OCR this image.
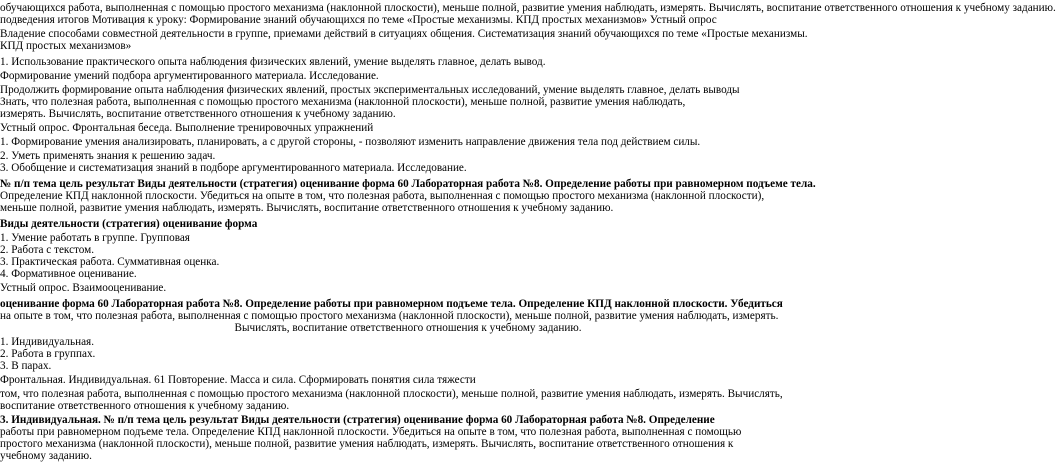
обучающихся работа, выполненная с помощью простого механизма (наклонной плоскости), меньше полной, развитие умения наблюдать, измерять. Вычислять, воспитание ответственного отношения к учебному заданию.
подведения итогов Мотивация к уроку: Формирование знаний обучающихся по теме «Простые механизмы. КПД простых механизмов» Устный опрос
Владение способами совместной деятельности в группе, приемами действий в ситуациях общения. Систематизация знаний обучающихся по теме «Простые механизмы.
КПД простых механизмов»
1. Использование практического опыта наблюдения физических явлений, умение выделять главное, делать вывод.
Формирование умений подбора аргументированного материала. Исследование.
Продолжить формирование опыта наблюдения физических явлений, простых экспериментальных исследований, умение выделять главное, делать выводы
Знать, что полезная работа, выполненная с помощью простого механизма (наклонной плоскости), меньше полной, развитие умения наблюдать,
измерять. Вычислять, воспитание ответственного отношения к учебному заданию.
Устный опрос. Фронтальная беседа. Выполнение тренировочных упражнений
1. Формирование умения анализировать, планировать, а с другой стороны, - позволяют изменить направление движения тела под действием силы.
2. Уметь применять знания к решению задач.
3. Обобщение и систематизация знаний в подборе аргументированного материала. Исследование.
№ п/п тема цель результат Виды деятельности (стратегия) оценивание форма 60 Лабораторная работа №8. Определение работы при равномерном подъеме тела.
Определение КПД наклонной плоскости. Убедиться на опыте в том, что полезная работа, выполненная с помощью простого механизма (наклонной плоскости),
меньше полной, развитие умения наблюдать, измерять. Вычислять, воспитание ответственного отношения к учебному заданию.
Виды деятельности (стратегия) оценивание форма
1. Умение работать в группе. Групповая
2. Работа с текстом.
3. Практическая работа. Суммативная оценка.
4. Формативное оценивание.
Устный опрос. Взаимооценивание.
оценивание форма 60 Лабораторная работа №8. Определение работы при равномерном подъеме тела. Определение КПД наклонной плоскости. Убедиться
на опыте в том, что полезная работа, выполненная с помощью простого механизма (наклонной плоскости), меньше полной, развитие умения наблюдать, измерять.
Вычислять, воспитание ответственного отношения к учебному заданию.
1. Индивидуальная.
2. Работа в группах.
3. В парах.
Фронтальная. Индивидуальная. 61 Повторение. Масса и сила. Сформировать понятия сила тяжести
том, что полезная работа, выполненная с помощью простого механизма (наклонной плоскости), меньше полной, развитие умения наблюдать, измерять. Вычислять,
воспитание ответственного отношения к учебному заданию.
3. Индивидуальная. № п/п тема цель результат Виды деятельности (стратегия) оценивание форма 60 Лабораторная работа №8. Определение
работы при равномерном подъеме тела. Определение КПД наклонной плоскости. Убедиться на опыте в том, что полезная работа, выполненная с помощью
простого механизма (наклонной плоскости), меньше полной, развитие умения наблюдать, измерять. Вычислять, воспитание ответственного отношения к
учебному заданию.
